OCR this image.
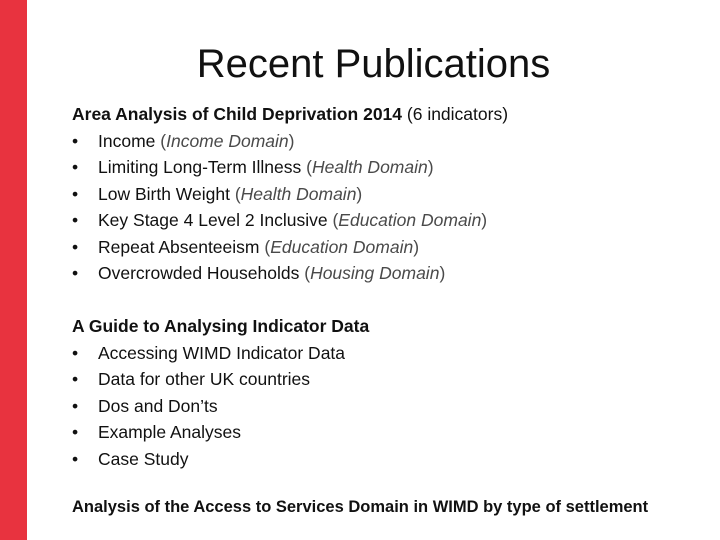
Recent Publications

Area Analysis of Child Deprivation 2014 (6 indicators)

• Income (Income Domain)
• Limiting Long-Term Illness (Health Domain)
• Low Birth Weight (Health Domain)
• Key Stage 4 Level 2 Inclusive (Education Domain)
• Repeat Absenteeism (Education Domain)
• Overcrowded Households (Housing Domain)

A Guide to Analysing Indicator Data

• Accessing WIMD Indicator Data
• Data for other UK countries
• Dos and Don’ts
• Example Analyses
• Case Study

Analysis of the Access to Services Domain in WIMD by type of settlement
